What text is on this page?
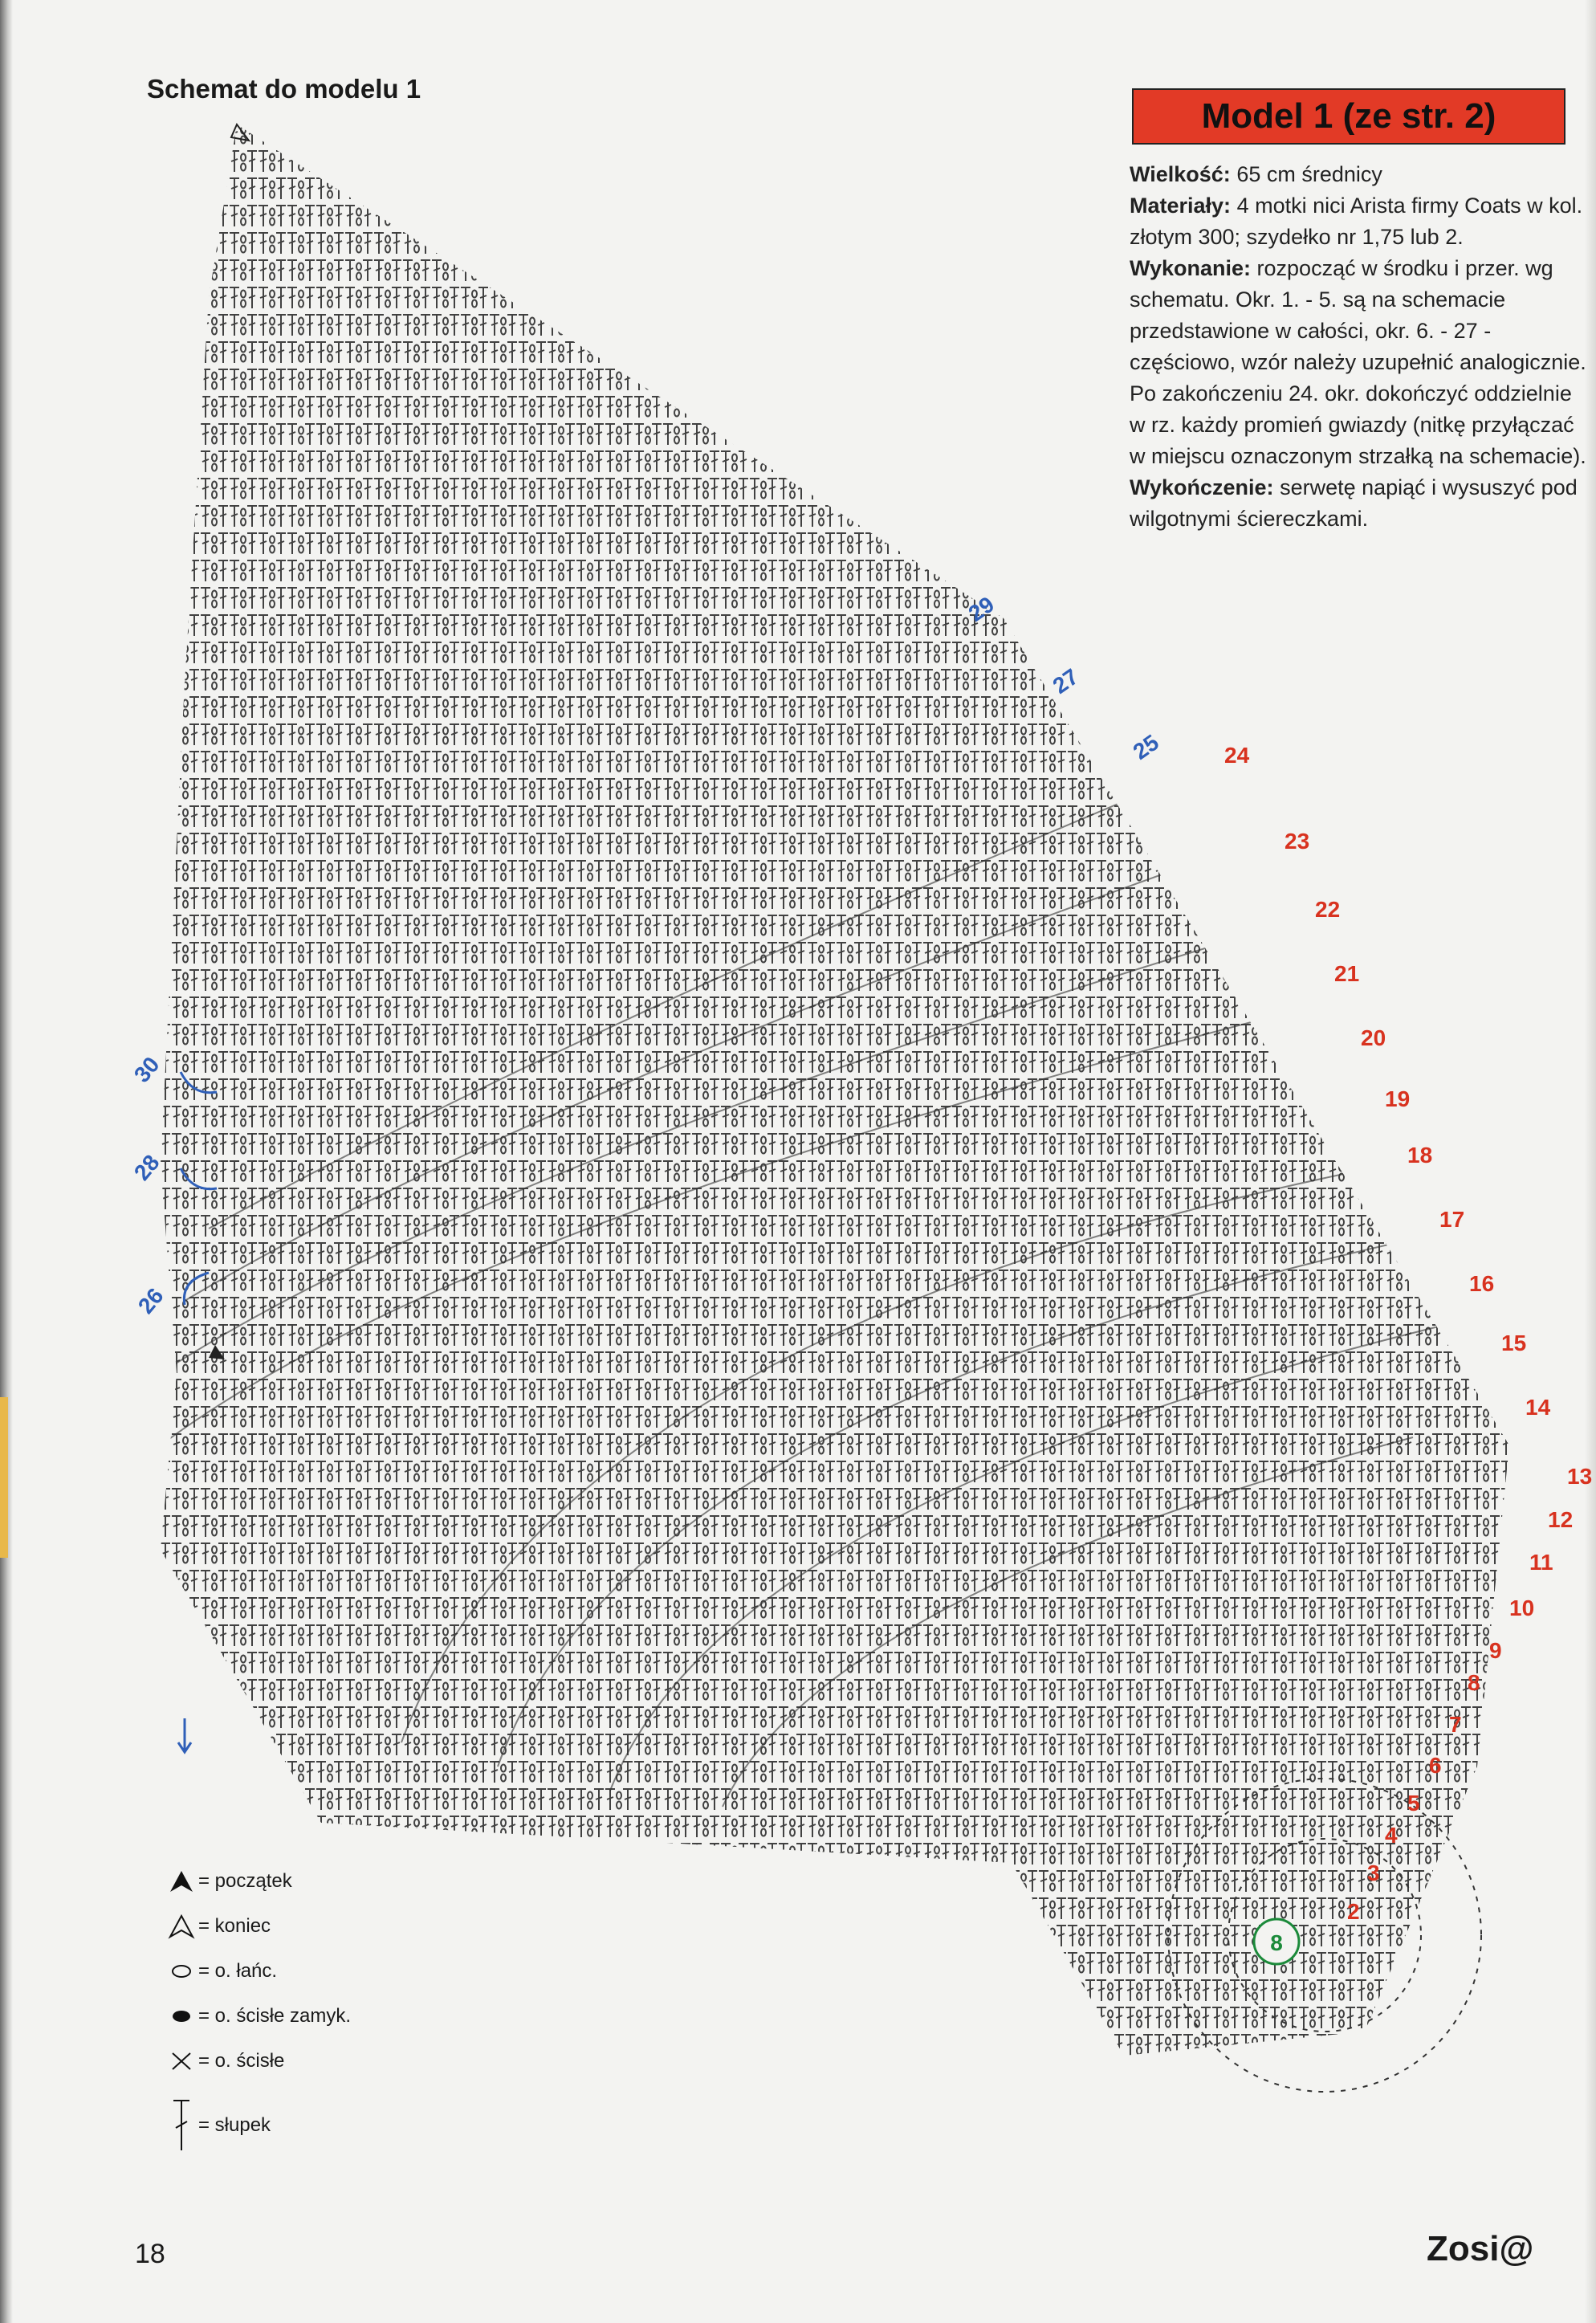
Schemat do modelu 1
Model 1 (ze str. 2)

Wielkość: 65 cm średnicy

Materiały: 4 motki nici Arista firmy Coats w kol. złotym 300; szydełko nr 1,75 lub 2.

Wykonanie: rozpocząć w środku i przer. wg schematu. Okr. 1. - 5. są na schemacie przedstawione w całości, okr. 6. - 27 - częściowo, wzór należy uzupełnić analogicznie. Po zakończeniu 24. okr. dokończyć oddzielnie w rz. każdy promień gwiazdy (nitkę przyłączać w miejscu oznaczonym strzałką na schemacie).

Wykończenie: serwetę napiąć i wysuszyć pod wilgotnymi ściereczkami.

8
24
23
22
21
20
19
18
17
16
15
14
13
12
11
10
9
8
7
6
5
4
3
2
29
27
25
30
28
26
= początek
= koniec
= o. łańc.
= o. ścisłe zamyk.
= o. ścisłe
= słupek
18	Zosi@
